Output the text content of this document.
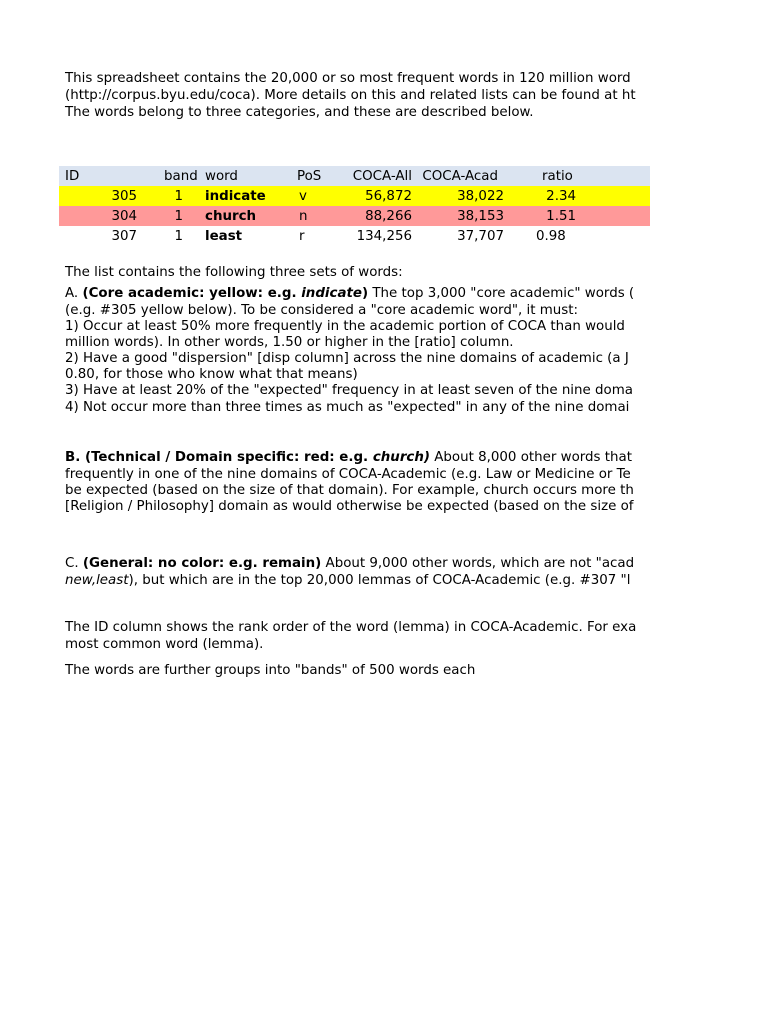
This spreadsheet contains the 20,000 or so most frequent words in 120 million word
(http://corpus.byu.edu/coca). More details on this and related lists can be found at ht
The words belong to three categories, and these are described below.
ID		band	word	PoS	COCA-All	COCA-Acad		ratio	
	305	1	indicate	v	56,872	38,022		2.34	
	304	1	church	n	88,266	38,153		1.51	
	307	1	least	r	134,256	37,707		0.98	
The list contains the following three sets of words:
A. (Core academic: yellow: e.g. indicate) The top 3,000 "core academic" words (
(e.g. #305 yellow below). To be considered a "core academic word", it must:
1) Occur at least 50% more frequently in the academic portion of COCA than would
million words). In other words, 1.50 or higher in the [ratio] column.
2) Have a good "dispersion" [disp column] across the nine domains of academic (a J
0.80, for those who know what that means)
3) Have at least 20% of the "expected" frequency in at least seven of the nine doma
4) Not occur more than three times as much as "expected" in any of the nine domai
B. (Technical / Domain specific: red: e.g. church) About 8,000 other words that
frequently in one of the nine domains of COCA-Academic (e.g. Law or Medicine or Te
be expected (based on the size of that domain). For example, church occurs more th
[Religion / Philosophy] domain as would otherwise be expected (based on the size of
C. (General: no color: e.g. remain) About 9,000 other words, which are not "acad
new,least), but which are in the top 20,000 lemmas of COCA-Academic (e.g. #307 "l
The ID column shows the rank order of the word (lemma) in COCA-Academic. For exa
most common word (lemma).
The words are further groups into "bands" of 500 words each
